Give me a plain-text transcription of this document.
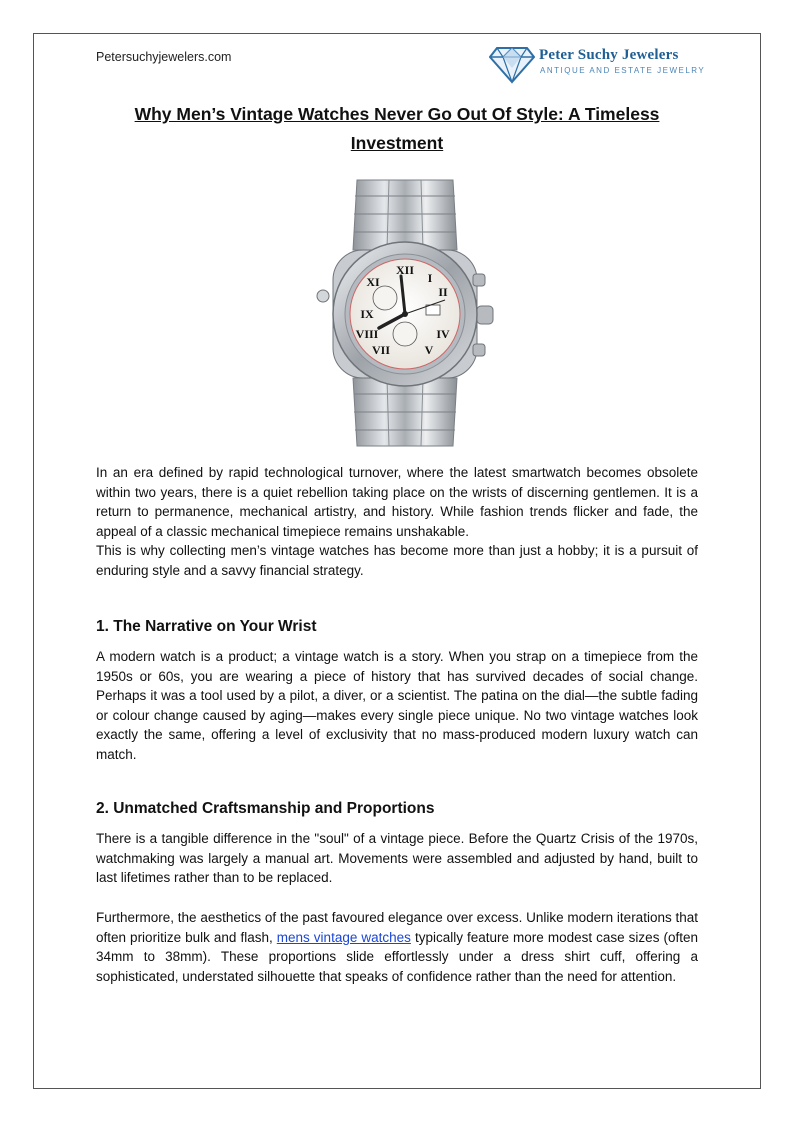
Petersuchyjewelers.com	Peter Suchy Jewelers
ANTIQUE AND ESTATE JEWELRY
Why Men’s Vintage Watches Never Go Out Of Style: A Timeless Investment
XII
I
II
IV
V
VII
VIII
IX
XI

In an era defined by rapid technological turnover, where the latest smartwatch becomes obsolete within two years, there is a quiet rebellion taking place on the wrists of discerning gentlemen. It is a return to permanence, mechanical artistry, and history. While fashion trends flicker and fade, the appeal of a classic mechanical timepiece remains unshakable.

This is why collecting men’s vintage watches has become more than just a hobby; it is a pursuit of enduring style and a savvy financial strategy.

1. The Narrative on Your Wrist

A modern watch is a product; a vintage watch is a story. When you strap on a timepiece from the 1950s or 60s, you are wearing a piece of history that has survived decades of social change. Perhaps it was a tool used by a pilot, a diver, or a scientist. The patina on the dial—the subtle fading or colour change caused by aging—makes every single piece unique. No two vintage watches look exactly the same, offering a level of exclusivity that no mass-produced modern luxury watch can match.

2. Unmatched Craftsmanship and Proportions

There is a tangible difference in the "soul" of a vintage piece. Before the Quartz Crisis of the 1970s, watchmaking was largely a manual art. Movements were assembled and adjusted by hand, built to last lifetimes rather than to be replaced.

Furthermore, the aesthetics of the past favoured elegance over excess. Unlike modern iterations that often prioritize bulk and flash, mens vintage watches typically feature more modest case sizes (often 34mm to 38mm). These proportions slide effortlessly under a dress shirt cuff, offering a sophisticated, understated silhouette that speaks of confidence rather than the need for attention.
